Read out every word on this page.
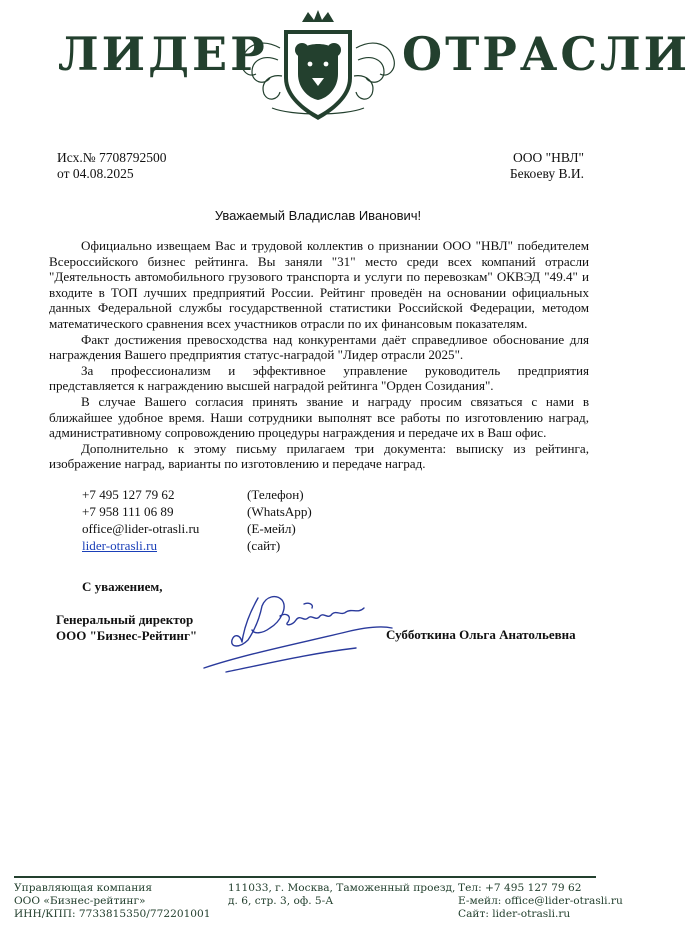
ЛИДЕР	ОТРАСЛИ
Исх.№ 7708792500
от 04.08.2025
ООО "НВЛ"
Бекоеву В.И.
Уважаемый Владислав Иванович!

Официально извещаем Вас и трудовой коллектив о признании ООО "НВЛ" победителем Всероссийского бизнес рейтинга. Вы заняли "31" место среди всех компаний отрасли "Деятельность автомобильного грузового транспорта и услуги по перевозкам" ОКВЭД "49.4" и входите в ТОП лучших предприятий России. Рейтинг проведён на основании официальных данных Федеральной службы государственной статистики Российской Федерации, методом математического сравнения всех участников отрасли по их финансовым показателям.

Факт достижения превосходства над конкурентами даёт справедливое обоснование для награждения Вашего предприятия статус-наградой "Лидер отрасли 2025".

За профессионализм и эффективное управление руководитель предприятия представляется к награждению высшей наградой рейтинга "Орден Созидания".

В случае Вашего согласия принять звание и награду просим связаться с нами в ближайшее удобное время. Наши сотрудники выполнят все работы по изготовлению наград, административному сопровождению процедуры награждения и передаче их в Ваш офис.

Дополнительно к этому письму прилагаем три документа: выписку из рейтинга, изображение наград, варианты по изготовлению и передаче наград.

+7 495 127 79 62	(Телефон)
+7 958 111 06 89	(WhatsApp)
office@lider-otrasli.ru	(Е-мейл)
lider-otrasli.ru	(сайт)
С уважением,
Генеральный директор
ООО "Бизнес-Рейтинг"	Субботкина Ольга Анатольевна
Управляющая компания
ООО «Бизнес-рейтинг»
ИНН/КПП: 7733815350/772201001
111033, г. Москва, Таможенный проезд,
д. 6, стр. 3, оф. 5-А
Тел: +7 495 127 79 62
E-мейл: office@lider-otrasli.ru
Сайт: lider-otrasli.ru
